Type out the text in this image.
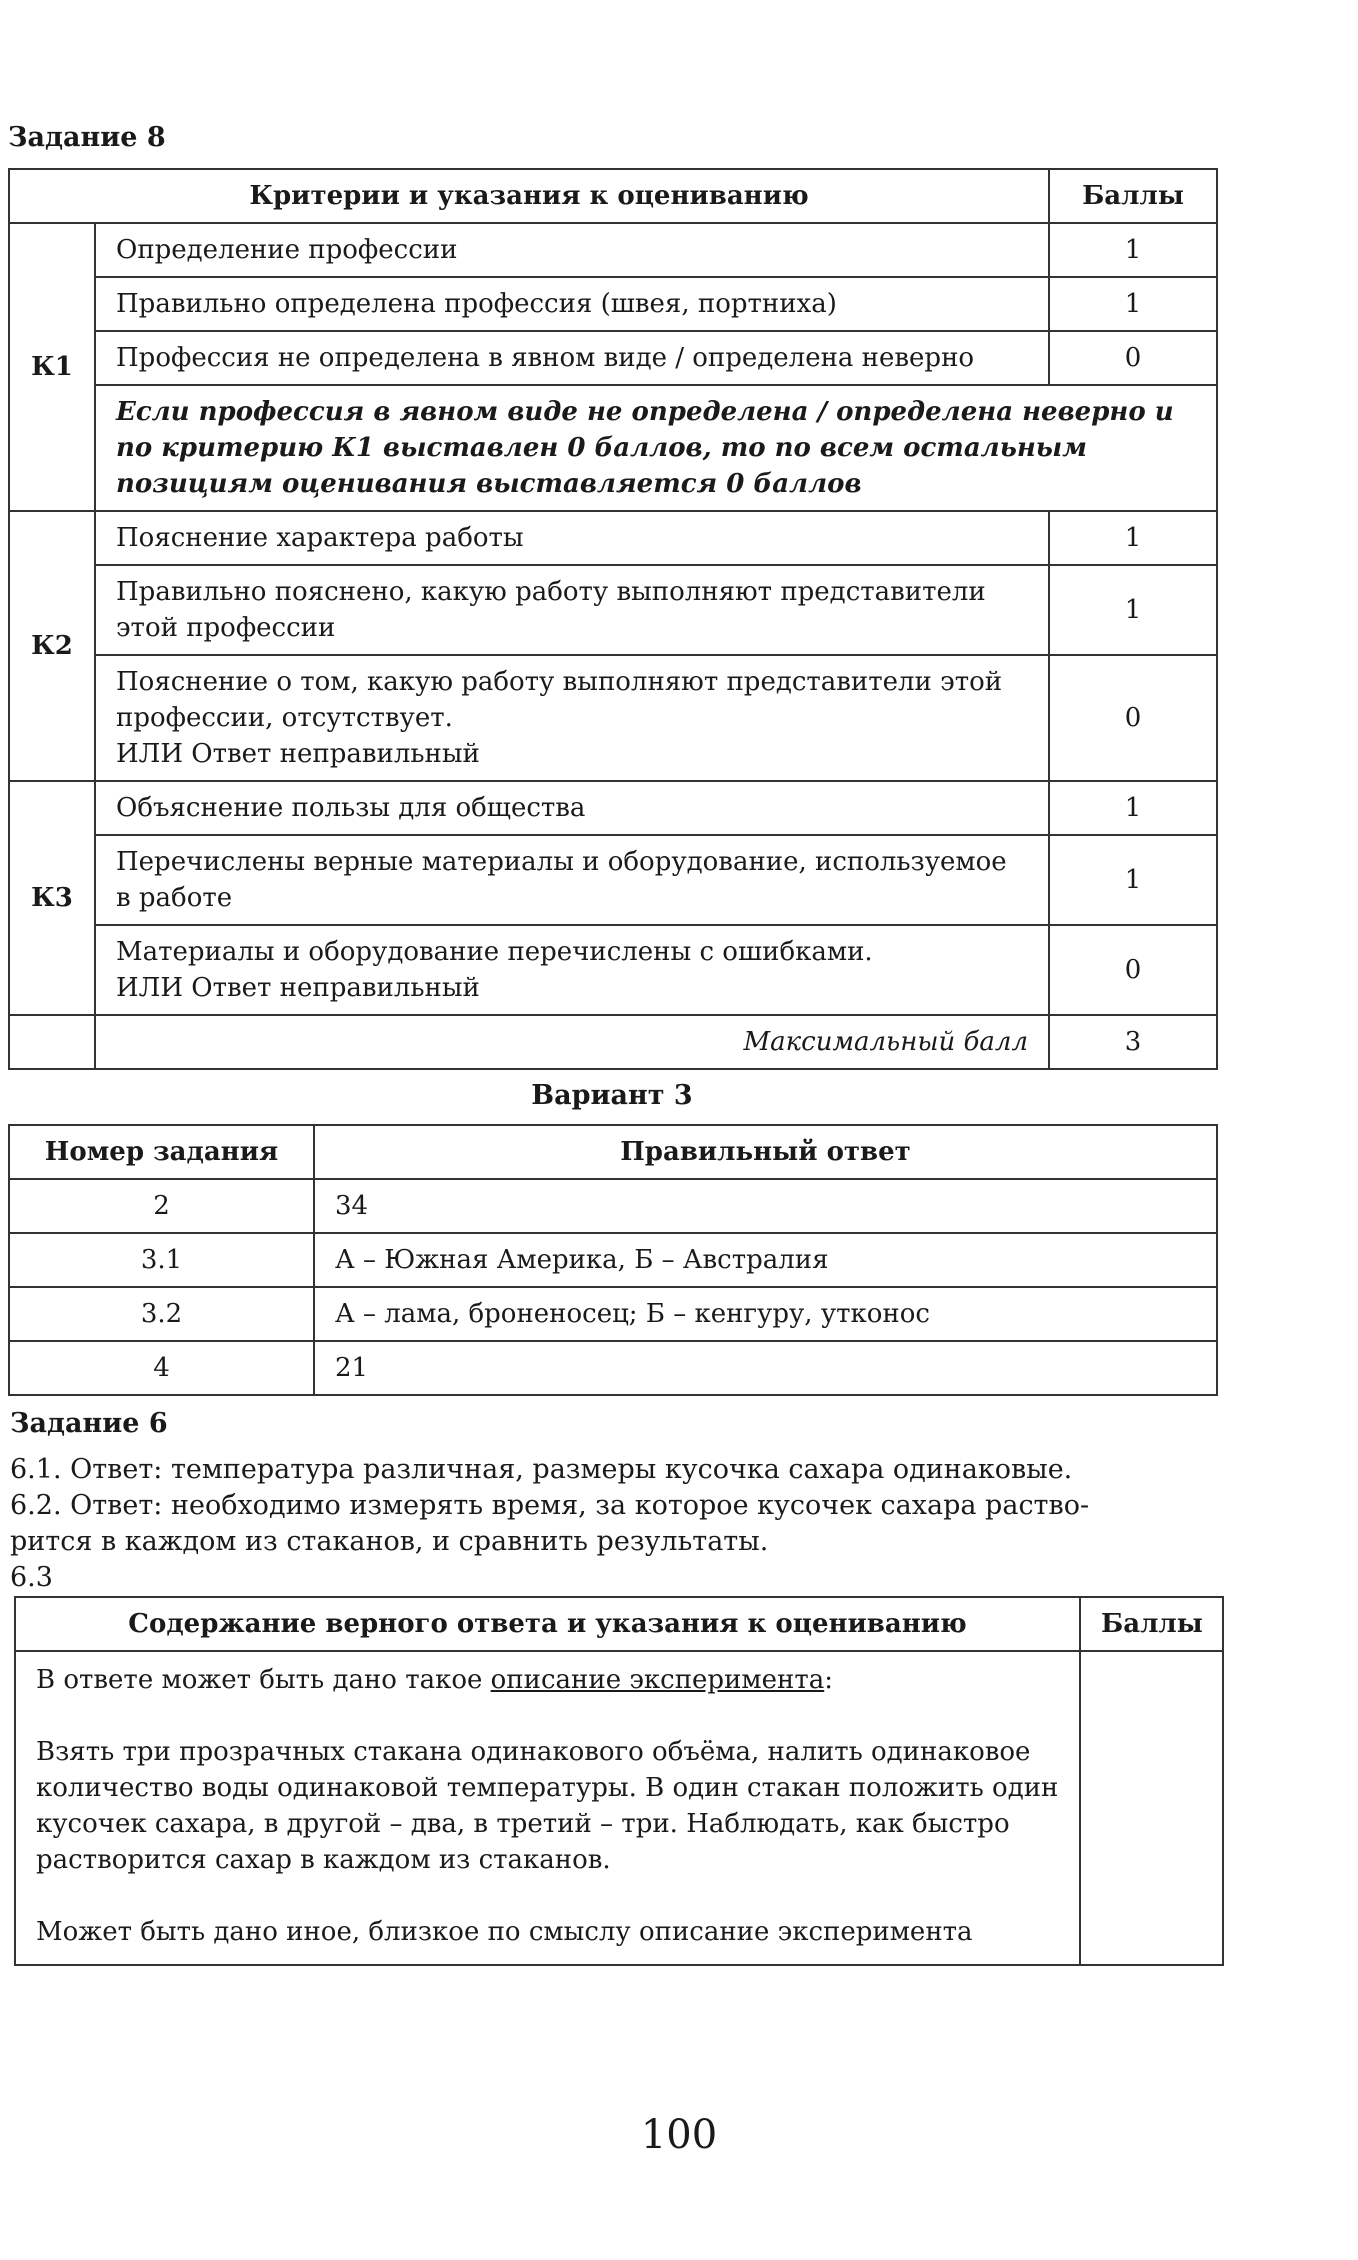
Задание 8
Критерии и указания к оцениванию		Баллы
К1	Определение профессии	1
	Правильно определена профессия (швея, портниха)	1
	Профессия не определена в явном виде / определена неверно	0
	Если профессия в явном виде не определена / определена неверно и по критерию К1 выставлен 0 баллов, то по всем остальным позициям оценивания выставляется 0 баллов	
К2	Пояснение характера работы	1
	Правильно пояснено, какую работу выполняют представители этой профессии	1

	Пояснение о том, какую работу выполняют представители этой профессии, отсутствует.
ИЛИ Ответ неправильный	0
К3	Объяснение пользы для общества	1
	Перечислены верные материалы и оборудование, используемое в работе	1

	Материалы и оборудование перечислены с ошибками.
ИЛИ Ответ неправильный	0
	Максимальный балл	3
Вариант 3
Номер задания	Правильный ответ
2	34
3.1	А – Южная Америка, Б – Австралия
3.2	А – лама, броненосец; Б – кенгуру, утконос
4	21
Задание 6
6.1. Ответ: температура различная, размеры кусочка сахара одинаковые.
6.2. Ответ: необходимо измерять время, за которое кусочек сахара раство-
рится в каждом из стаканов, и сравнить результаты.
6.3
Содержание верного ответа и указания к оцениванию	Баллы

В ответе может быть дано такое описание эксперимента:

Взять три прозрачных стакана одинакового объёма, налить одинаковое количество воды одинаковой температуры. В один стакан положить один кусочек сахара, в другой – два, в третий – три. Наблюдать, как быстро растворится сахар в каждом из стаканов.

Может быть дано иное, близкое по смыслу описание эксперимента	

100
